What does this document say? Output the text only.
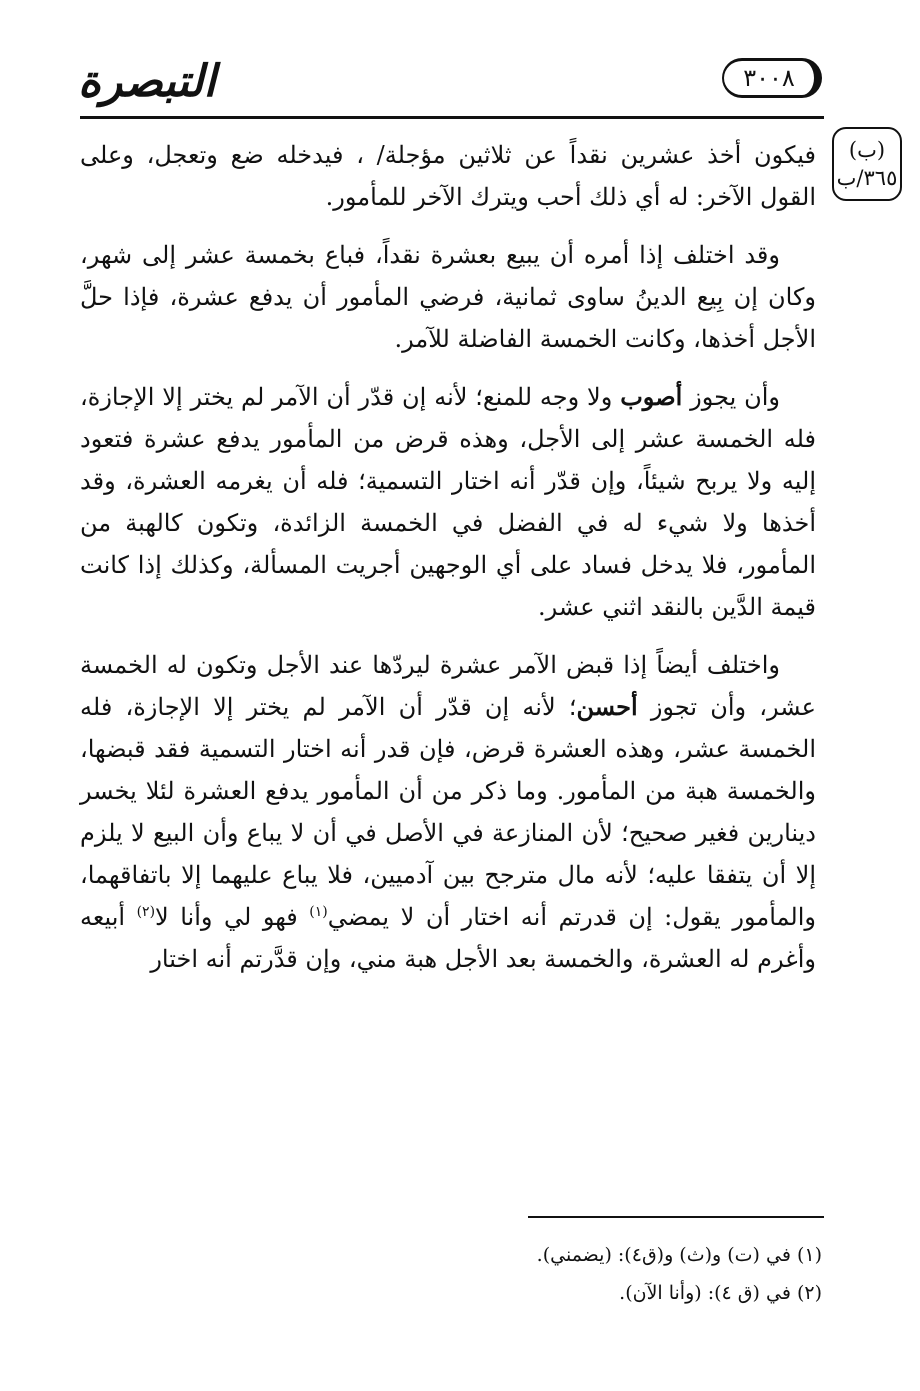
التبصرة	٣٠٠٨
(ب)
٣٦٥/ب

فيكون أخذ عشرين نقداً عن ثلاثين مؤجلة/ ، فيدخله ضع وتعجل، وعلى القول الآخر: له أي ذلك أحب ويترك الآخر للمأمور.

وقد اختلف إذا أمره أن يبيع بعشرة نقداً، فباع بخمسة عشر إلى شهر، وكان إن بِيع الدينُ ساوى ثمانية، فرضي المأمور أن يدفع عشرة، فإذا حلَّ الأجل أخذها، وكانت الخمسة الفاضلة للآمر.

وأن يجوز أصوب ولا وجه للمنع؛ لأنه إن قدّر أن الآمر لم يختر إلا الإجازة، فله الخمسة عشر إلى الأجل، وهذه قرض من المأمور يدفع عشرة فتعود إليه ولا يربح شيئاً، وإن قدّر أنه اختار التسمية؛ فله أن يغرمه العشرة، وقد أخذها ولا شيء له في الفضل في الخمسة الزائدة، وتكون كالهبة من المأمور، فلا يدخل فساد على أي الوجهين أجريت المسألة، وكذلك إذا كانت قيمة الدَّين بالنقد اثني عشر.

واختلف أيضاً إذا قبض الآمر عشرة ليردّها عند الأجل وتكون له الخمسة عشر، وأن تجوز أحسن؛ لأنه إن قدّر أن الآمر لم يختر إلا الإجازة، فله الخمسة عشر، وهذه العشرة قرض، فإن قدر أنه اختار التسمية فقد قبضها، والخمسة هبة من المأمور. وما ذكر من أن المأمور يدفع العشرة لئلا يخسر دينارين فغير صحيح؛ لأن المنازعة في الأصل في أن لا يباع وأن البيع لا يلزم إلا أن يتفقا عليه؛ لأنه مال مترجح بين آدميين، فلا يباع عليهما إلا باتفاقهما، والمأمور يقول: إن قدرتم أنه اختار أن لا يمضي$^{(١)}$ فهو لي وأنا لا$^{(٢)}$ أبيعه وأغرم له العشرة، والخمسة بعد الأجل هبة مني، وإن قدَّرتم أنه اختار

(١) في (ت) و(ث) و(ق٤): (يضمني).

(٢) في (ق ٤): (وأنا الآن).
